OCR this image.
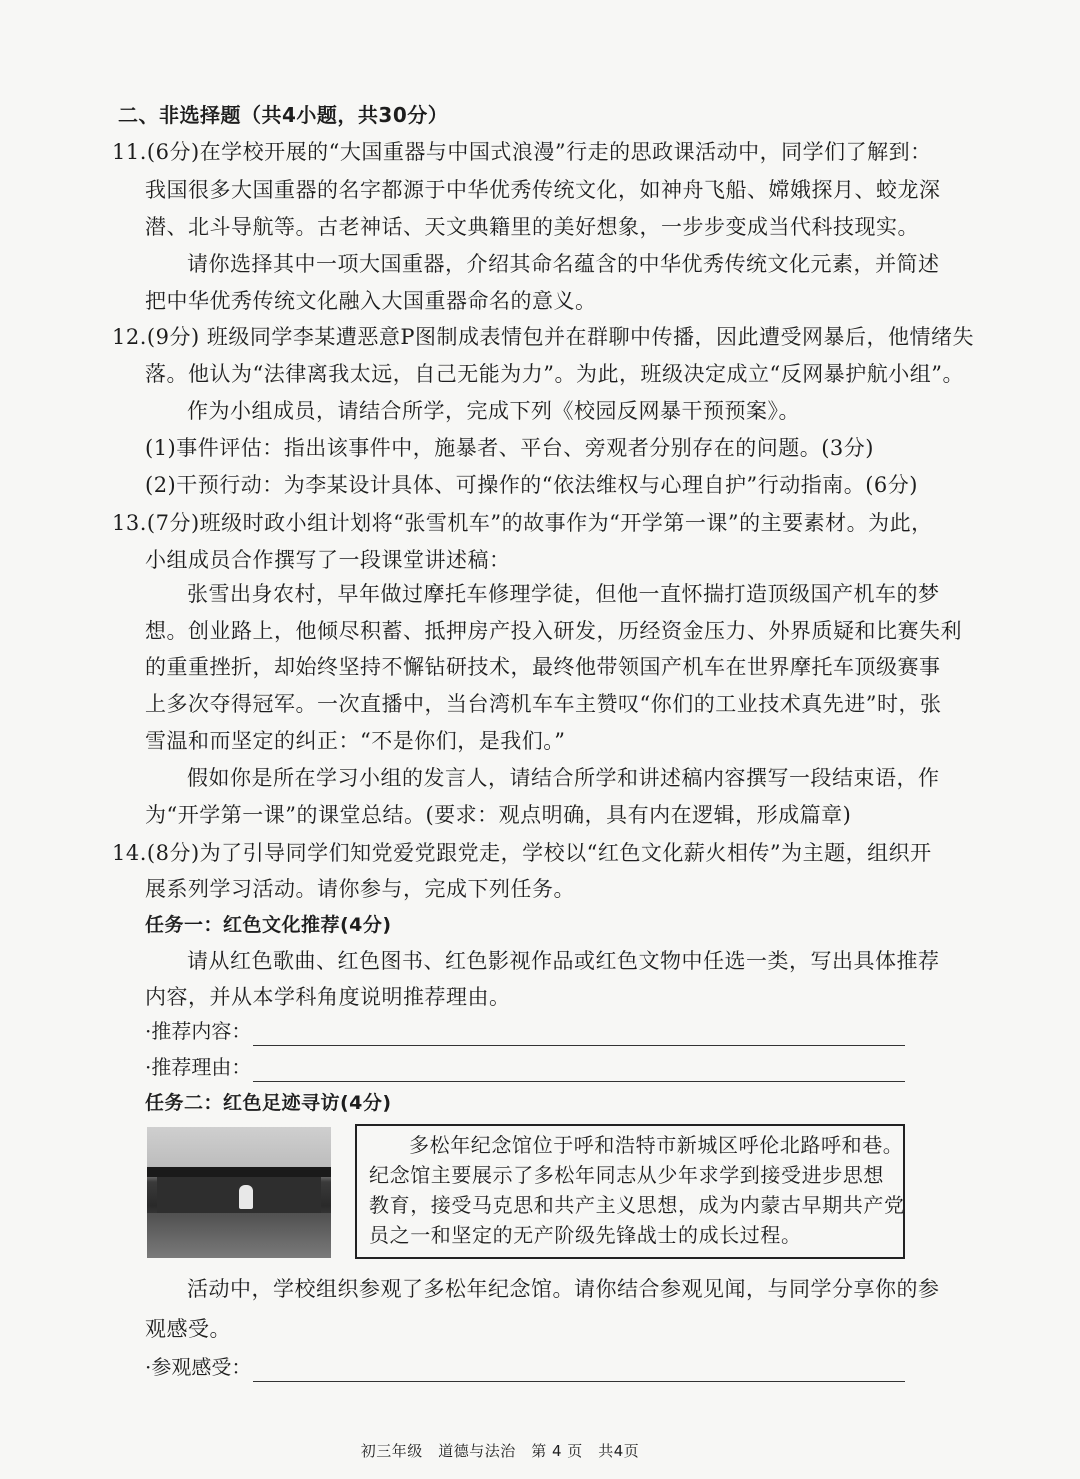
二、非选择题（共4小题，共30分）
11.(6分)在学校开展的“大国重器与中国式浪漫”行走的思政课活动中，同学们了解到：
我国很多大国重器的名字都源于中华优秀传统文化，如神舟飞船、嫦娥探月、蛟龙深
潜、北斗导航等。古老神话、天文典籍里的美好想象，一步步变成当代科技现实。
请你选择其中一项大国重器，介绍其命名蕴含的中华优秀传统文化元素，并简述
把中华优秀传统文化融入大国重器命名的意义。
12.(9分) 班级同学李某遭恶意P图制成表情包并在群聊中传播，因此遭受网暴后，他情绪失
落。他认为“法律离我太远，自己无能为力”。为此，班级决定成立“反网暴护航小组”。
作为小组成员，请结合所学，完成下列《校园反网暴干预预案》。
(1)事件评估：指出该事件中，施暴者、平台、旁观者分别存在的问题。(3分)
(2)干预行动：为李某设计具体、可操作的“依法维权与心理自护”行动指南。(6分)
13.(7分)班级时政小组计划将“张雪机车”的故事作为“开学第一课”的主要素材。为此，
小组成员合作撰写了一段课堂讲述稿：
张雪出身农村，早年做过摩托车修理学徒，但他一直怀揣打造顶级国产机车的梦
想。创业路上，他倾尽积蓄、抵押房产投入研发，历经资金压力、外界质疑和比赛失利
的重重挫折，却始终坚持不懈钻研技术，最终他带领国产机车在世界摩托车顶级赛事
上多次夺得冠军。一次直播中，当台湾机车车主赞叹“你们的工业技术真先进”时，张
雪温和而坚定的纠正：“不是你们，是我们。”
假如你是所在学习小组的发言人，请结合所学和讲述稿内容撰写一段结束语，作
为“开学第一课”的课堂总结。(要求：观点明确，具有内在逻辑，形成篇章)
14.(8分)为了引导同学们知党爱党跟党走，学校以“红色文化薪火相传”为主题，组织开
展系列学习活动。请你参与，完成下列任务。
任务一：红色文化推荐(4分)
请从红色歌曲、红色图书、红色影视作品或红色文物中任选一类，写出具体推荐
内容，并从本学科角度说明推荐理由。
·推荐内容：
·推荐理由：
任务二：红色足迹寻访(4分)
多松年纪念馆位于呼和浩特市新城区呼伦北路呼和巷。
纪念馆主要展示了多松年同志从少年求学到接受进步思想
教育，接受马克思和共产主义思想，成为内蒙古早期共产党
员之一和坚定的无产阶级先锋战士的成长过程。
活动中，学校组织参观了多松年纪念馆。请你结合参观见闻，与同学分享你的参
观感受。
·参观感受：
初三年级　道德与法治　第 4 页　共4页
